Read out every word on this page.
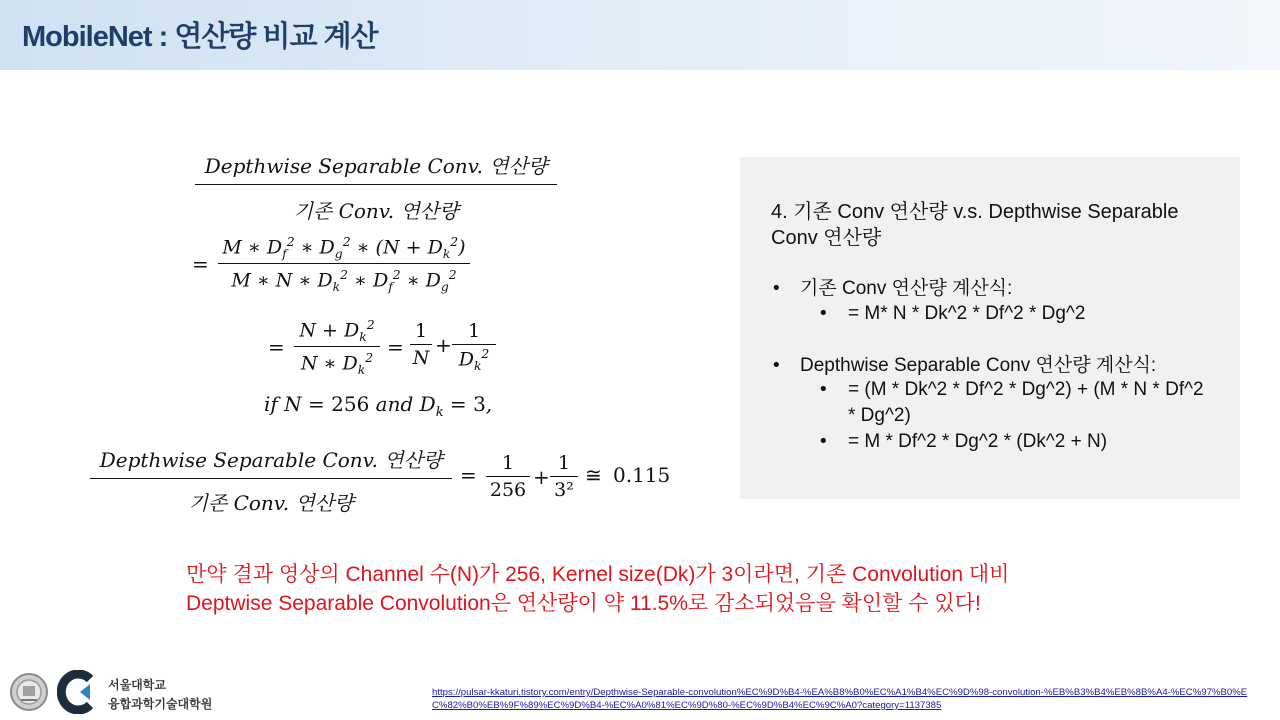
MobileNet : 연산량 비교 계산
Depthwise Separable Conv. 연산량
기존 Conv. 연산량
=
M ∗ $D_f^2$ ∗ $D_g^2$ ∗ $(N + D_k^2)$
M ∗ N ∗ $D_k^2$ ∗ $D_f^2$ ∗ $D_g^2$
=
$N + D_k^2$
N ∗ $D_k^2$ =
1
N
+
1
$D_k^2$
if N = 256 and $D_k = 3$,
Depthwise Separable Conv. 연산량
기존 Conv. 연산량
=	1
256
+
1
3²
≅ 0.115
4. 기존 Conv 연산량 v.s. Depthwise Separable Conv 연산량
• 기존 Conv 연산량 계산식:
• = M* N * Dk^2 * Df^2 * Dg^2
• Depthwise Separable Conv 연산량 계산식:
• = (M * Dk^2 * Df^2 * Dg^2) + (M * N * Df^2 * Dg^2)
• = M * Df^2 * Dg^2 * (Dk^2 + N)
만약 결과 영상의 Channel 수(N)가 256, Kernel size(Dk)가 3이라면, 기존 Convolution 대비 Deptwise Separable Convolution은 연산량이 약 11.5%로 감소되었음을 확인할 수 있다!
서울대학교
융합과학기술대학원
https://pulsar-kkaturi.tistory.com/entry/Depthwise-Separable-convolution%EC%9D%B4-%EA%B8%B0%EC%A1%B4%EC%9D%98-convolution-%EB%B3%B4%EB%8B%A4-%EC%97%B0%EC%82%B0%EB%9F%89%EC%9D%B4-%EC%A0%81%EC%9D%80-%EC%9D%B4%EC%9C%A0?category=1137385
